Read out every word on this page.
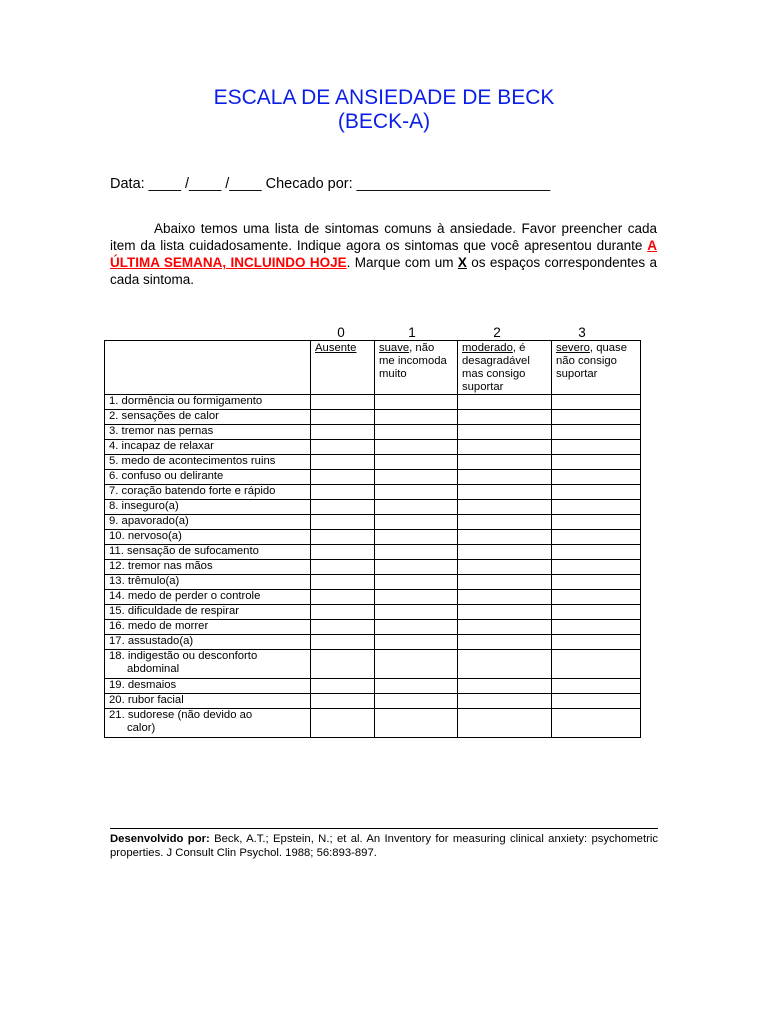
ESCALA DE ANSIEDADE DE BECK
(BECK-A)
Data: ____ /____ /____ Checado por: ________________________
Abaixo temos uma lista de sintomas comuns à ansiedade. Favor preencher cada item da lista cuidadosamente. Indique agora os sintomas que você apresentou durante A ÚLTIMA SEMANA, INCLUINDO HOJE. Marque com um X os espaços correspondentes a cada sintoma.
0	1	2	3
	Ausente	suave, não me incomoda muito	moderado, é desagradável mas consigo suportar	severo, quase não consigo suportar
1. dormência ou formigamento				
2. sensações de calor				
3. tremor nas pernas				
4. incapaz de relaxar				
5. medo de acontecimentos ruins				
6. confuso ou delirante				
7. coração batendo forte e rápido				
8. inseguro(a)				
9. apavorado(a)				
10. nervoso(a)				
11. sensação de sufocamento				
12. tremor nas mãos				
13. trêmulo(a)				
14. medo de perder o controle				
15. dificuldade de respirar				
16. medo de morrer				
17. assustado(a)				
18. indigestão ou desconforto
abdominal				

19. desmaios				
20. rubor facial				
21. sudorese (não devido ao
calor)				

Desenvolvido por: Beck, A.T.; Epstein, N.; et al. An Inventory for measuring clinical anxiety: psychometric properties. J Consult Clin Psychol. 1988; 56:893-897.
